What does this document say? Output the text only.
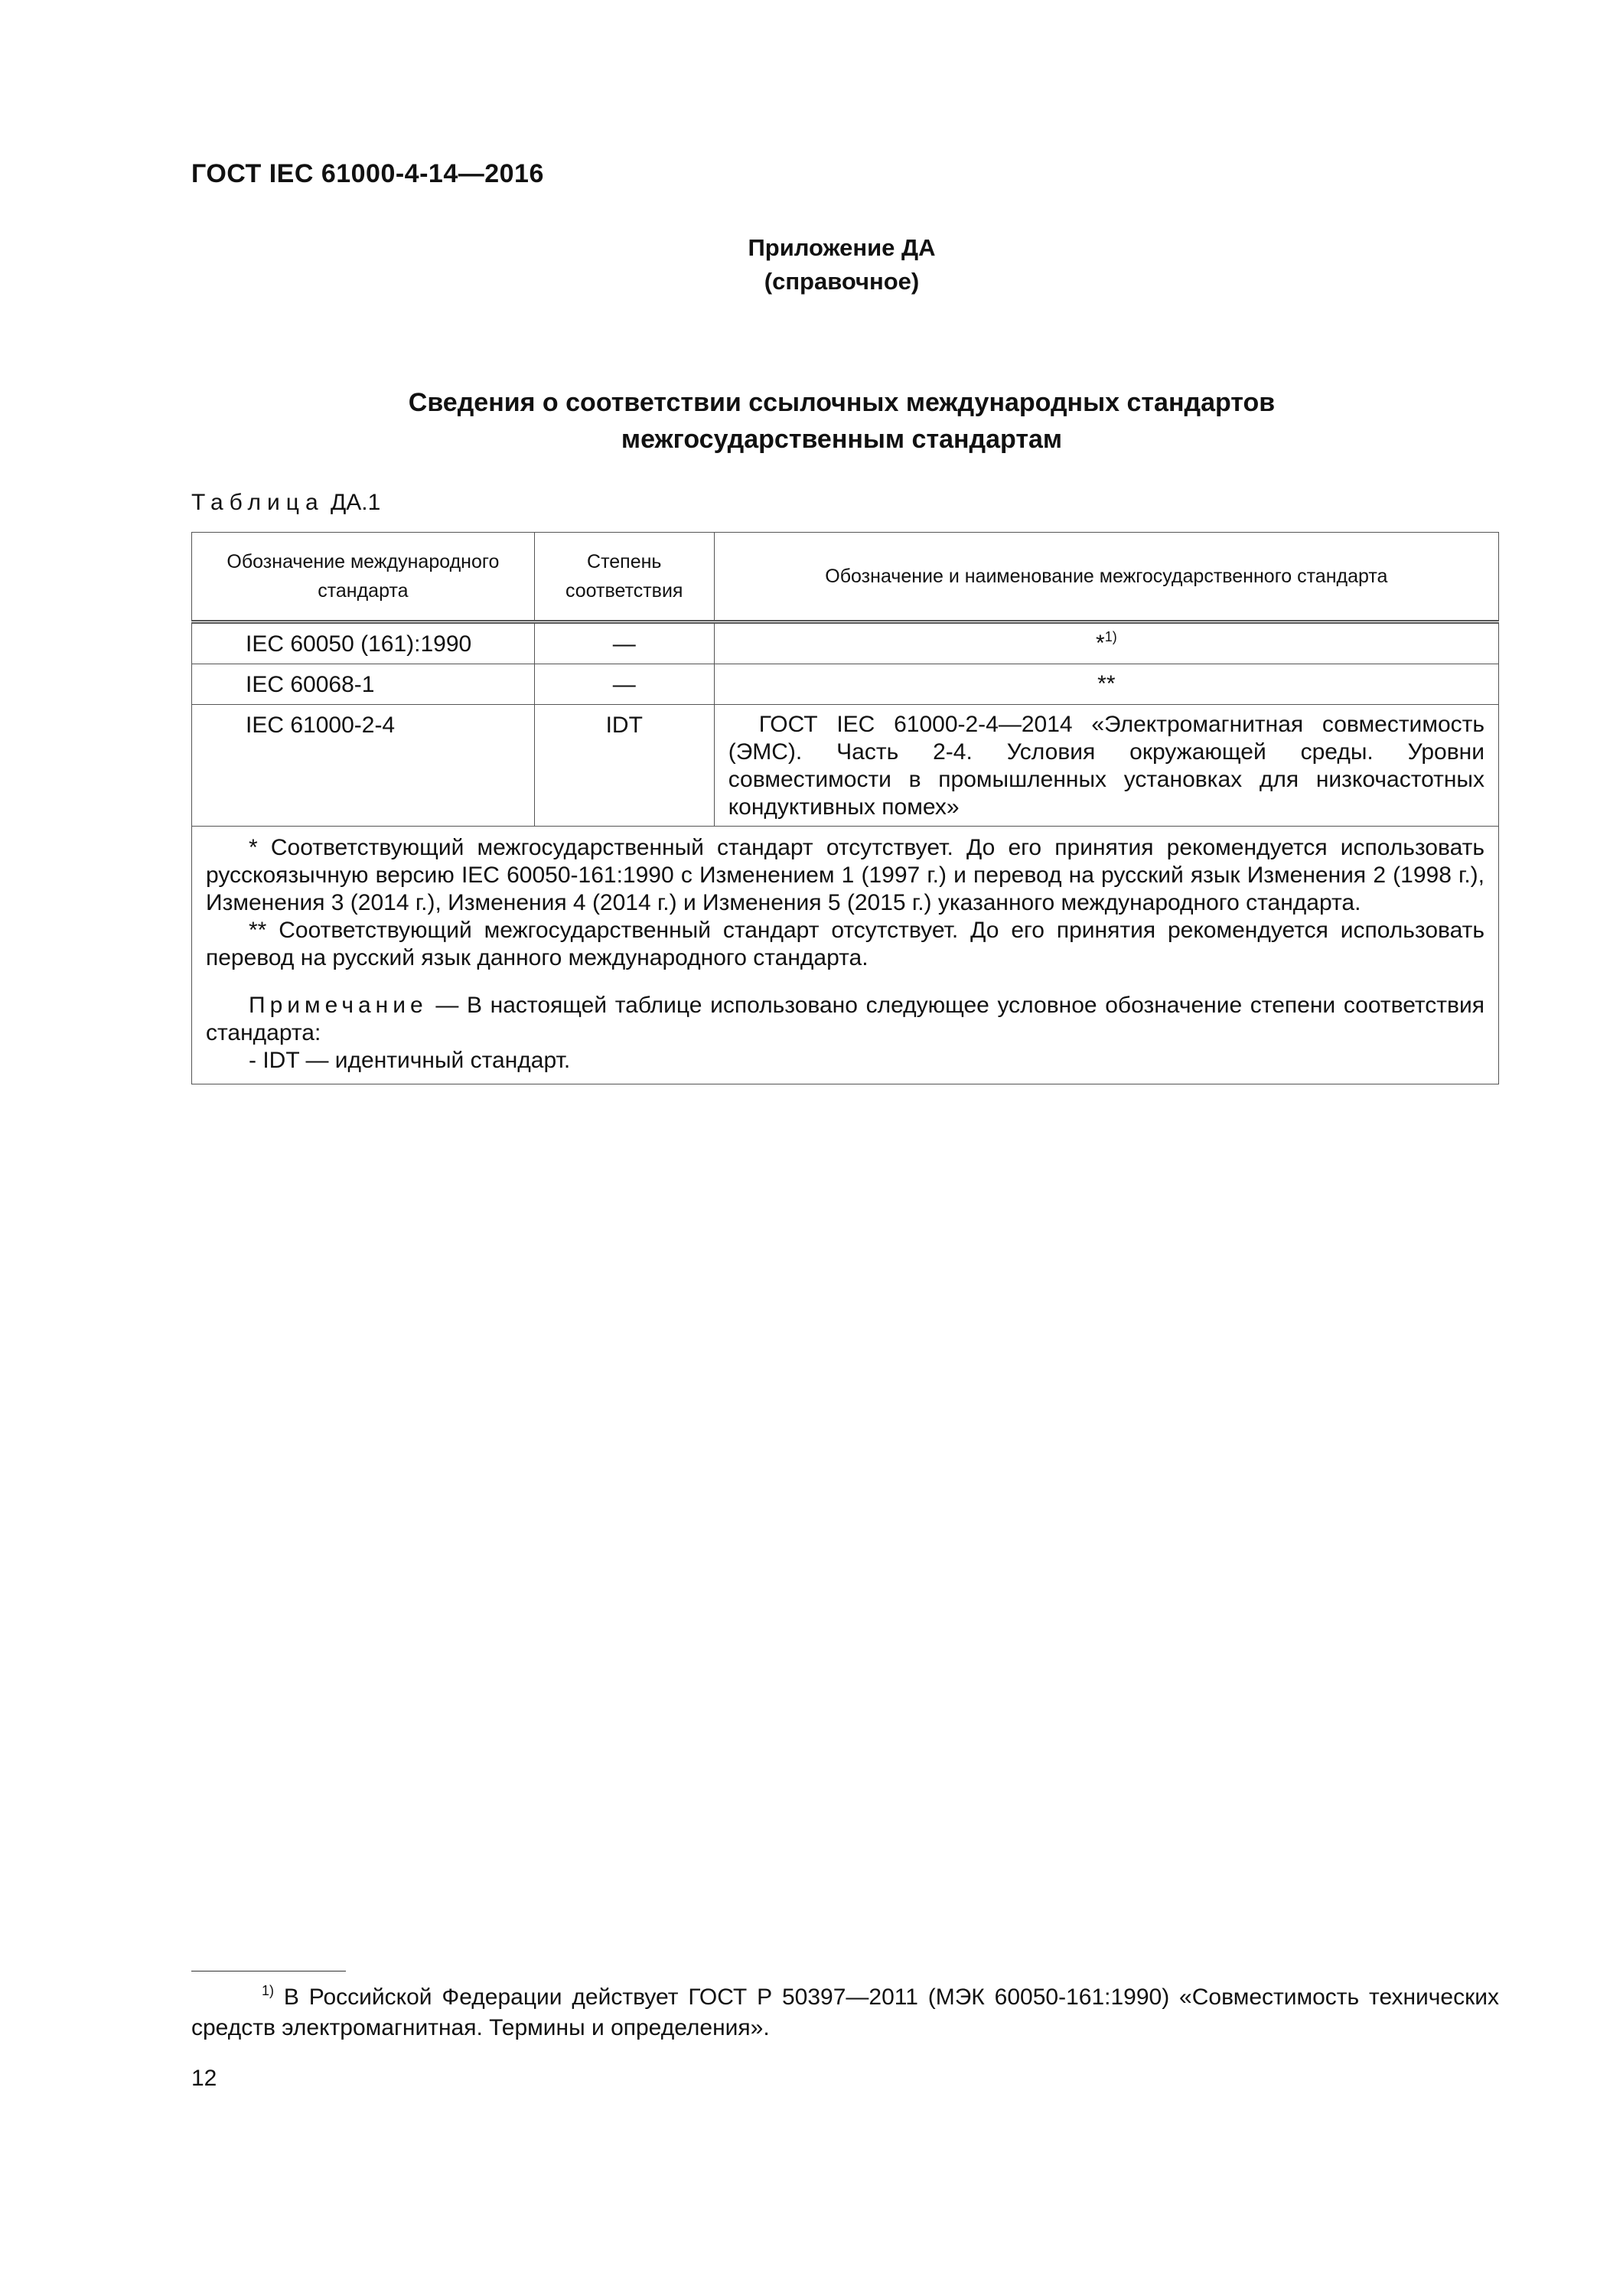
ГОСТ IEC 61000-4-14—2016
Приложение ДА
(справочное)
Сведения о соответствии ссылочных международных стандартов
межгосударственным стандартам
Таблица ДА.1
Обозначение международного стандарта	Степень соответствия	Обозначение и наименование межгосударственного стандарта
IEC 60050 (161):1990	—	*$^{1)}$
IEC 60068-1	—	**
IEC 61000-2-4	IDT	ГОСТ IEC 61000-2-4—2014 «Электромагнитная совместимость (ЭМС). Часть 2-4. Условия окружающей среды. Уровни совместимости в промышленных установках для низкочастотных кондуктивных помех»

* Соответствующий межгосударственный стандарт отсутствует. До его принятия рекомендуется использовать русскоязычную версию IEC 60050-161:1990 с Изменением 1 (1997 г.) и перевод на русский язык Изменения 2 (1998 г.), Изменения 3 (2014 г.), Изменения 4 (2014 г.) и Изменения 5 (2015 г.) указанного международного стандарта.

** Соответствующий межгосударственный стандарт отсутствует. До его принятия рекомендуется использовать перевод на русский язык данного международного стандарта.

Примечание — В настоящей таблице использовано следующее условное обозначение степени соответствия стандарта:

- IDT — идентичный стандарт.		

$^{1)}$ В Российской Федерации действует ГОСТ Р 50397—2011 (МЭК 60050-161:1990) «Совместимость технических средств электромагнитная. Термины и определения».
12
